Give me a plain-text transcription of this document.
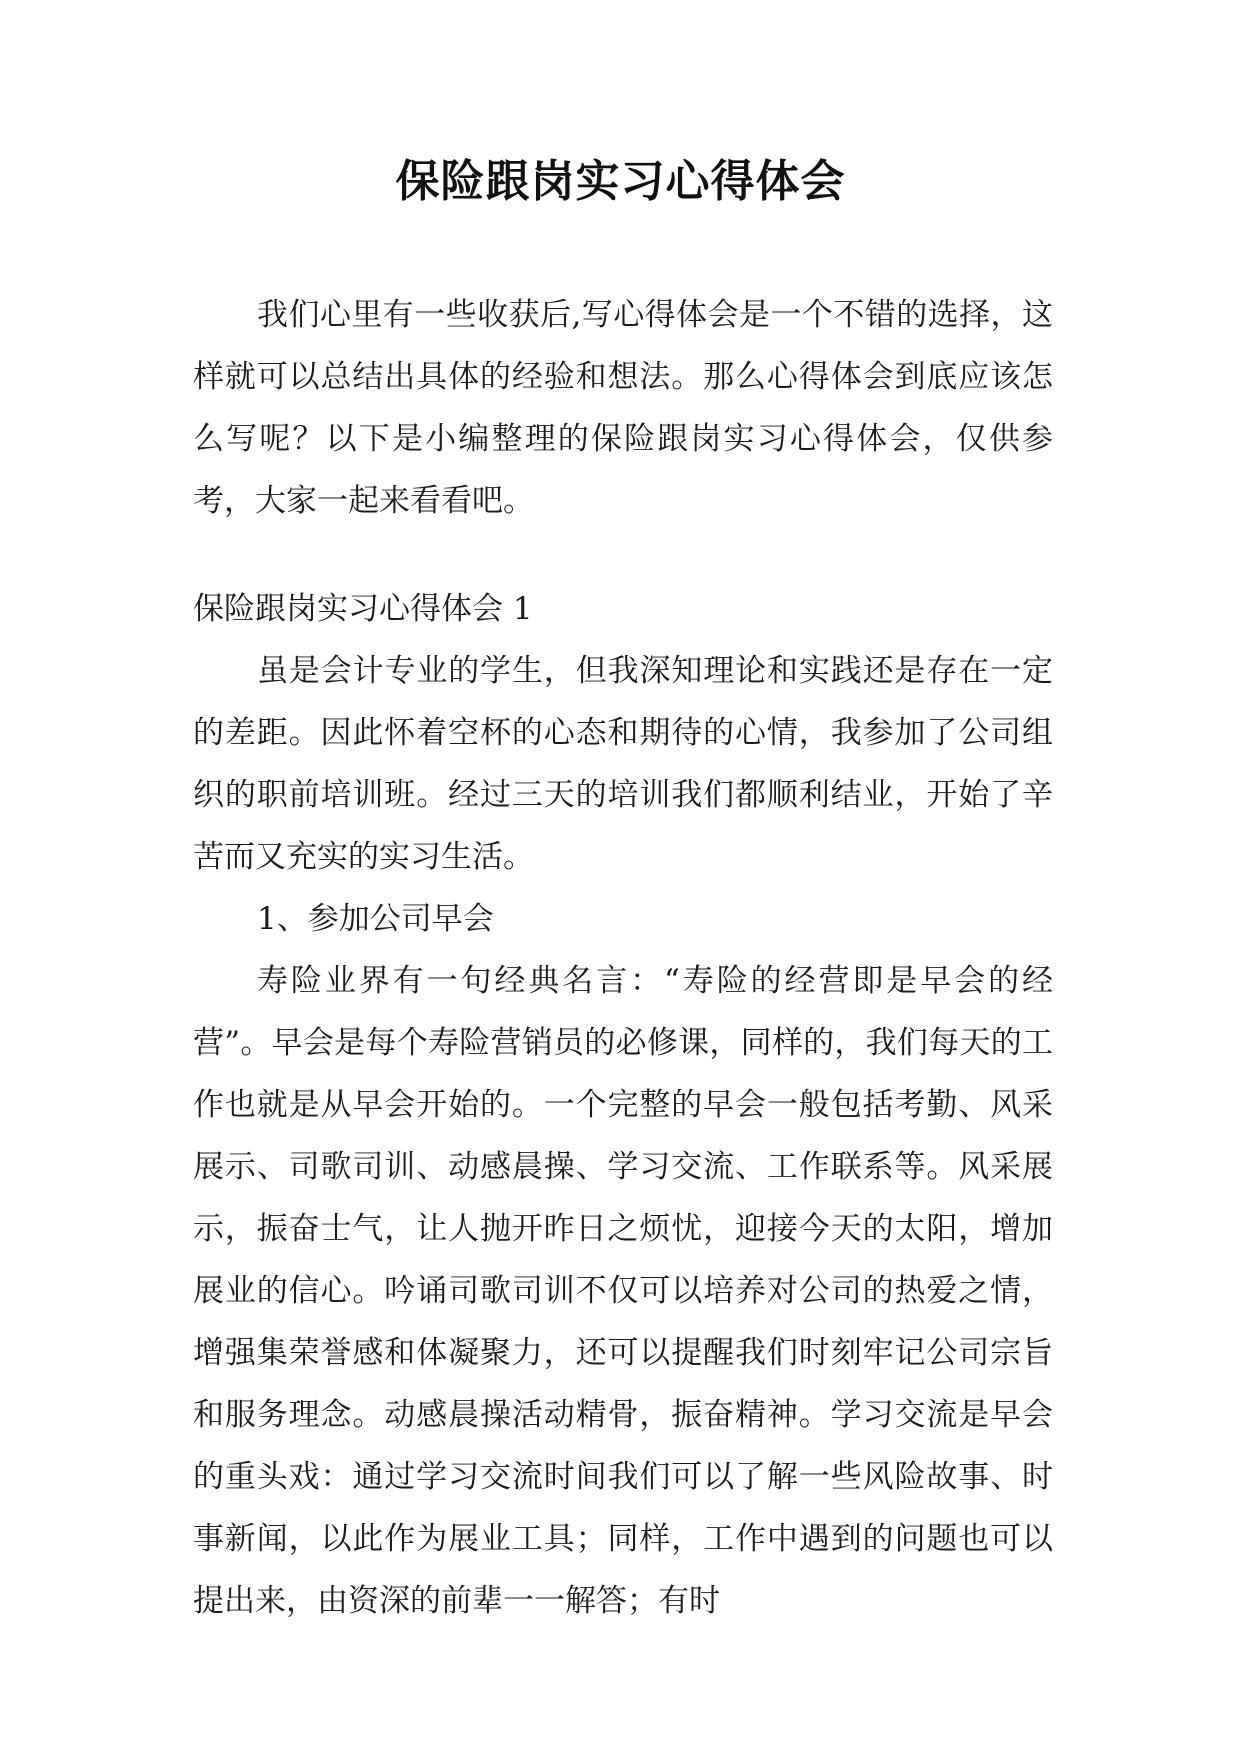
保险跟岗实习心得体会

我们心里有一些收获后,写心得体会是一个不错的选择，这样就可以总结出具体的经验和想法。那么心得体会到底应该怎么写呢？以下是小编整理的保险跟岗实习心得体会，仅供参考，大家一起来看看吧。

保险跟岗实习心得体会 1

虽是会计专业的学生，但我深知理论和实践还是存在一定的差距。因此怀着空杯的心态和期待的心情，我参加了公司组织的职前培训班。经过三天的培训我们都顺利结业，开始了辛苦而又充实的实习生活。

1、参加公司早会

寿险业界有一句经典名言：“寿险的经营即是早会的经营”。早会是每个寿险营销员的必修课，同样的，我们每天的工作也就是从早会开始的。一个完整的早会一般包括考勤、风采展示、司歌司训、动感晨操、学习交流、工作联系等。风采展示，振奋士气，让人抛开昨日之烦忧，迎接今天的太阳，增加展业的信心。吟诵司歌司训不仅可以培养对公司的热爱之情，增强集荣誉感和体凝聚力，还可以提醒我们时刻牢记公司宗旨和服务理念。动感晨操活动精骨，振奋精神。学习交流是早会的重头戏：通过学习交流时间我们可以了解一些风险故事、时事新闻，以此作为展业工具；同样，工作中遇到的问题也可以提出来，由资深的前辈一一解答；有时
